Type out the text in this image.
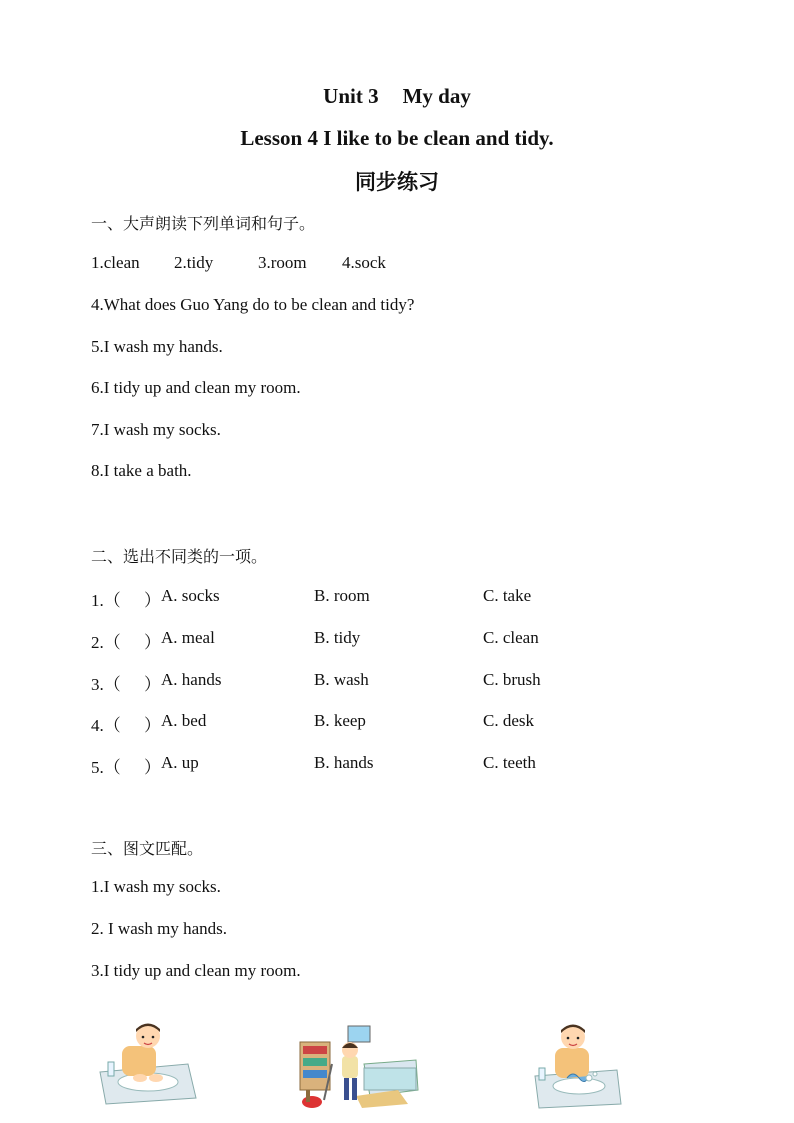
Unit 3 My day
Lesson 4 I like to be clean and tidy.
同步练习
一、大声朗读下列单词和句子。
1.clean 2.tidy	3.room 4.sock
4.What does Guo Yang do to be clean and tidy?
5.I wash my hands.
6.I tidy up and clean my room.
7.I wash my socks.
8.I take a bath.
二、选出不同类的一项。
1.（ ） A. socks	B. room	C. take
2.（ ） A. meal	B. tidy	C. clean
3.（ ） A. hands	B. wash	C. brush
4.（ ） A. bed	B. keep	C. desk
5.（ ） A. up	B. hands	C. teeth
三、图文匹配。
1.I wash my socks.
2. I wash my hands.
3.I tidy up and clean my room.
